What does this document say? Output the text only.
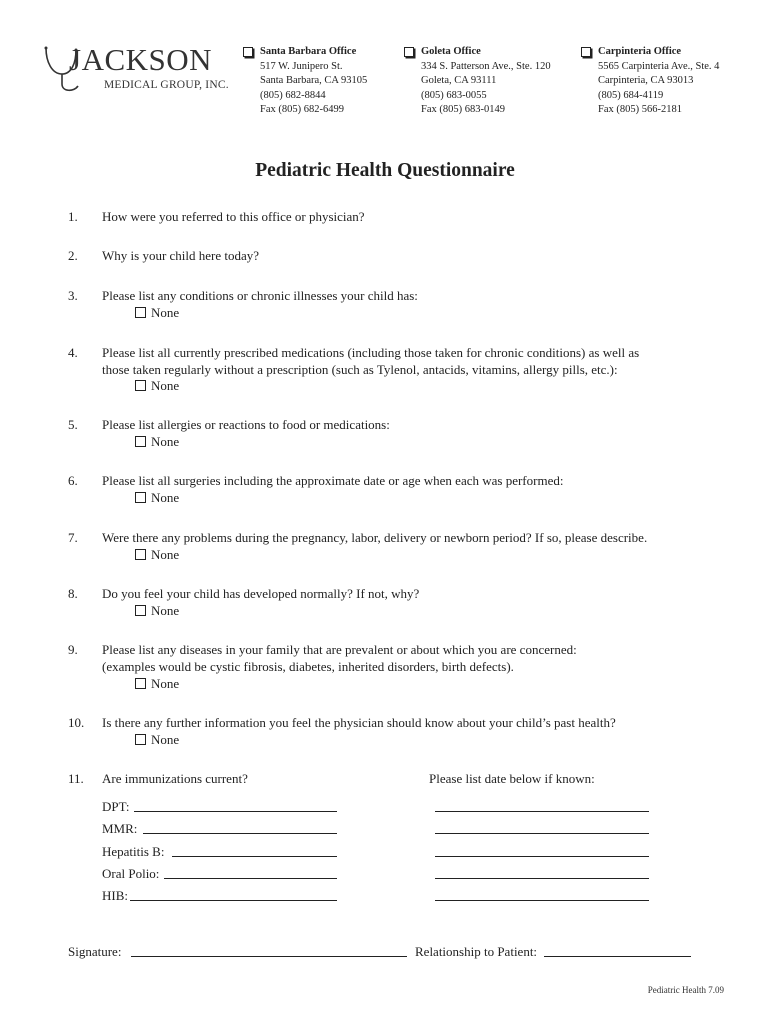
JACKSON
MEDICAL GROUP, INC.
Santa Barbara Office
517 W. Junipero St.
Santa Barbara, CA 93105
(805) 682-8844
Fax (805) 682-6499
Goleta Office
334 S. Patterson Ave., Ste. 120
Goleta, CA 93111
(805) 683-0055
Fax (805) 683-0149
Carpinteria Office
5565 Carpinteria Ave., Ste. 4
Carpinteria, CA 93013
(805) 684-4119
Fax (805) 566-2181
Pediatric Health Questionnaire
1. How were you referred to this office or physician?
2. Why is your child here today?
3. Please list any conditions or chronic illnesses your child has:
None
4. Please list all currently prescribed medications (including those taken for chronic conditions) as well as
those taken regularly without a prescription (such as Tylenol, antacids, vitamins, allergy pills, etc.):
None
5. Please list allergies or reactions to food or medications:
None
6. Please list all surgeries including the approximate date or age when each was performed:
None
7. Were there any problems during the pregnancy, labor, delivery or newborn period? If so, please describe.
None
8. Do you feel your child has developed normally? If not, why?
None
9. Please list any diseases in your family that are prevalent or about which you are concerned:
(examples would be cystic fibrosis, diabetes, inherited disorders, birth defects).
None
10. Is there any further information you feel the physician should know about your child’s past health?
None
11. Are immunizations current?	Please list date below if known:
DPT:
MMR:
Hepatitis B:
Oral Polio:
HIB:
Signature:	Relationship to Patient:
Pediatric Health 7.09
